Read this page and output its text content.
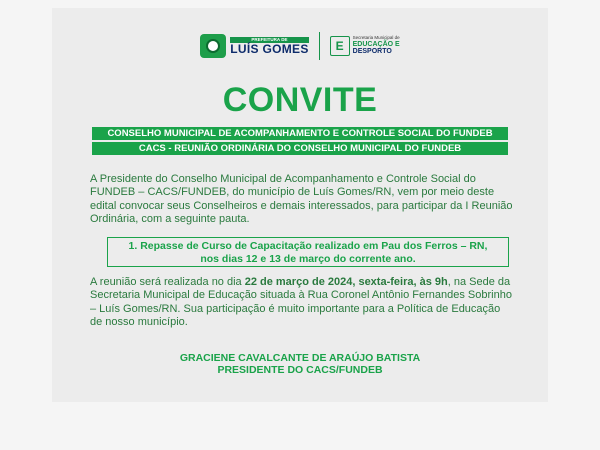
PREFEITURA DE
LUÍS GOMES	E
Secretaria Municipal de
EDUCAÇÃO E
DESPORTO
CONVITE
CONSELHO MUNICIPAL DE ACOMPANHAMENTO E CONTROLE SOCIAL DO FUNDEB
CACS - REUNIÃO ORDINÁRIA DO CONSELHO MUNICIPAL DO FUNDEB
A Presidente do Conselho Municipal de Acompanhamento e Controle Social do FUNDEB – CACS/FUNDEB, do município de Luís Gomes/RN, vem por meio deste edital convocar seus Conselheiros e demais interessados, para participar da I Reunião Ordinária, com a seguinte pauta.
1. Repasse de Curso de Capacitação realizado em Pau dos Ferros – RN,
nos dias 12 e 13 de março do corrente ano.
A reunião será realizada no dia 22 de março de 2024, sexta-feira, às 9h, na Sede da Secretaria Municipal de Educação situada à Rua Coronel Antônio Fernandes Sobrinho – Luís Gomes/RN. Sua participação é muito importante para a Política de Educação de nosso município.
GRACIENE CAVALCANTE DE ARAÚJO BATISTA
PRESIDENTE DO CACS/FUNDEB
